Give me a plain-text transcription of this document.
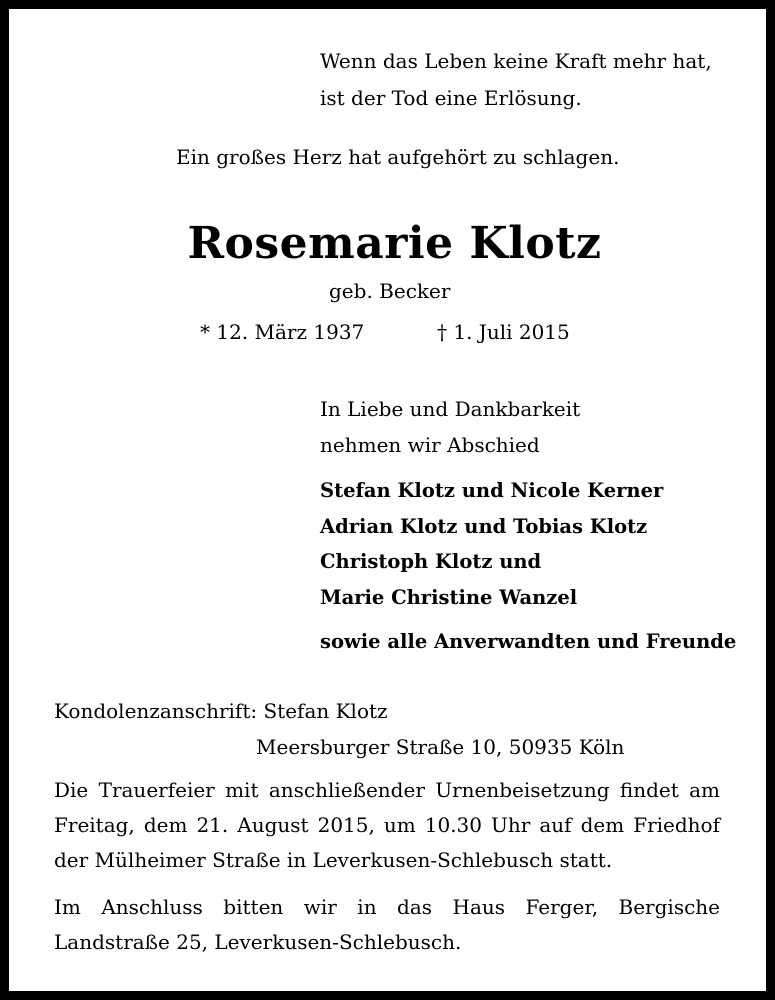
Wenn das Leben keine Kraft mehr hat,
ist der Tod eine Erlösung.
Ein großes Herz hat aufgehört zu schlagen.
Rosemarie Klotz
geb. Becker
* 12. März 1937	† 1. Juli 2015
In Liebe und Dankbarkeit
nehmen wir Abschied
Stefan Klotz und Nicole Kerner
Adrian Klotz und Tobias Klotz
Christoph Klotz und
Marie Christine Wanzel
sowie alle Anverwandten und Freunde
Kondolenzanschrift: Stefan Klotz
Meersburger Straße 10, 50935 Köln
Die Trauerfeier mit anschließender Urnenbeisetzung findet am Freitag, dem 21. August 2015, um 10.30 Uhr auf dem Friedhof der Mülheimer Straße in Leverkusen-Schlebusch statt.
Im Anschluss bitten wir in das Haus Ferger, Bergische Landstraße 25, Leverkusen-Schlebusch.
